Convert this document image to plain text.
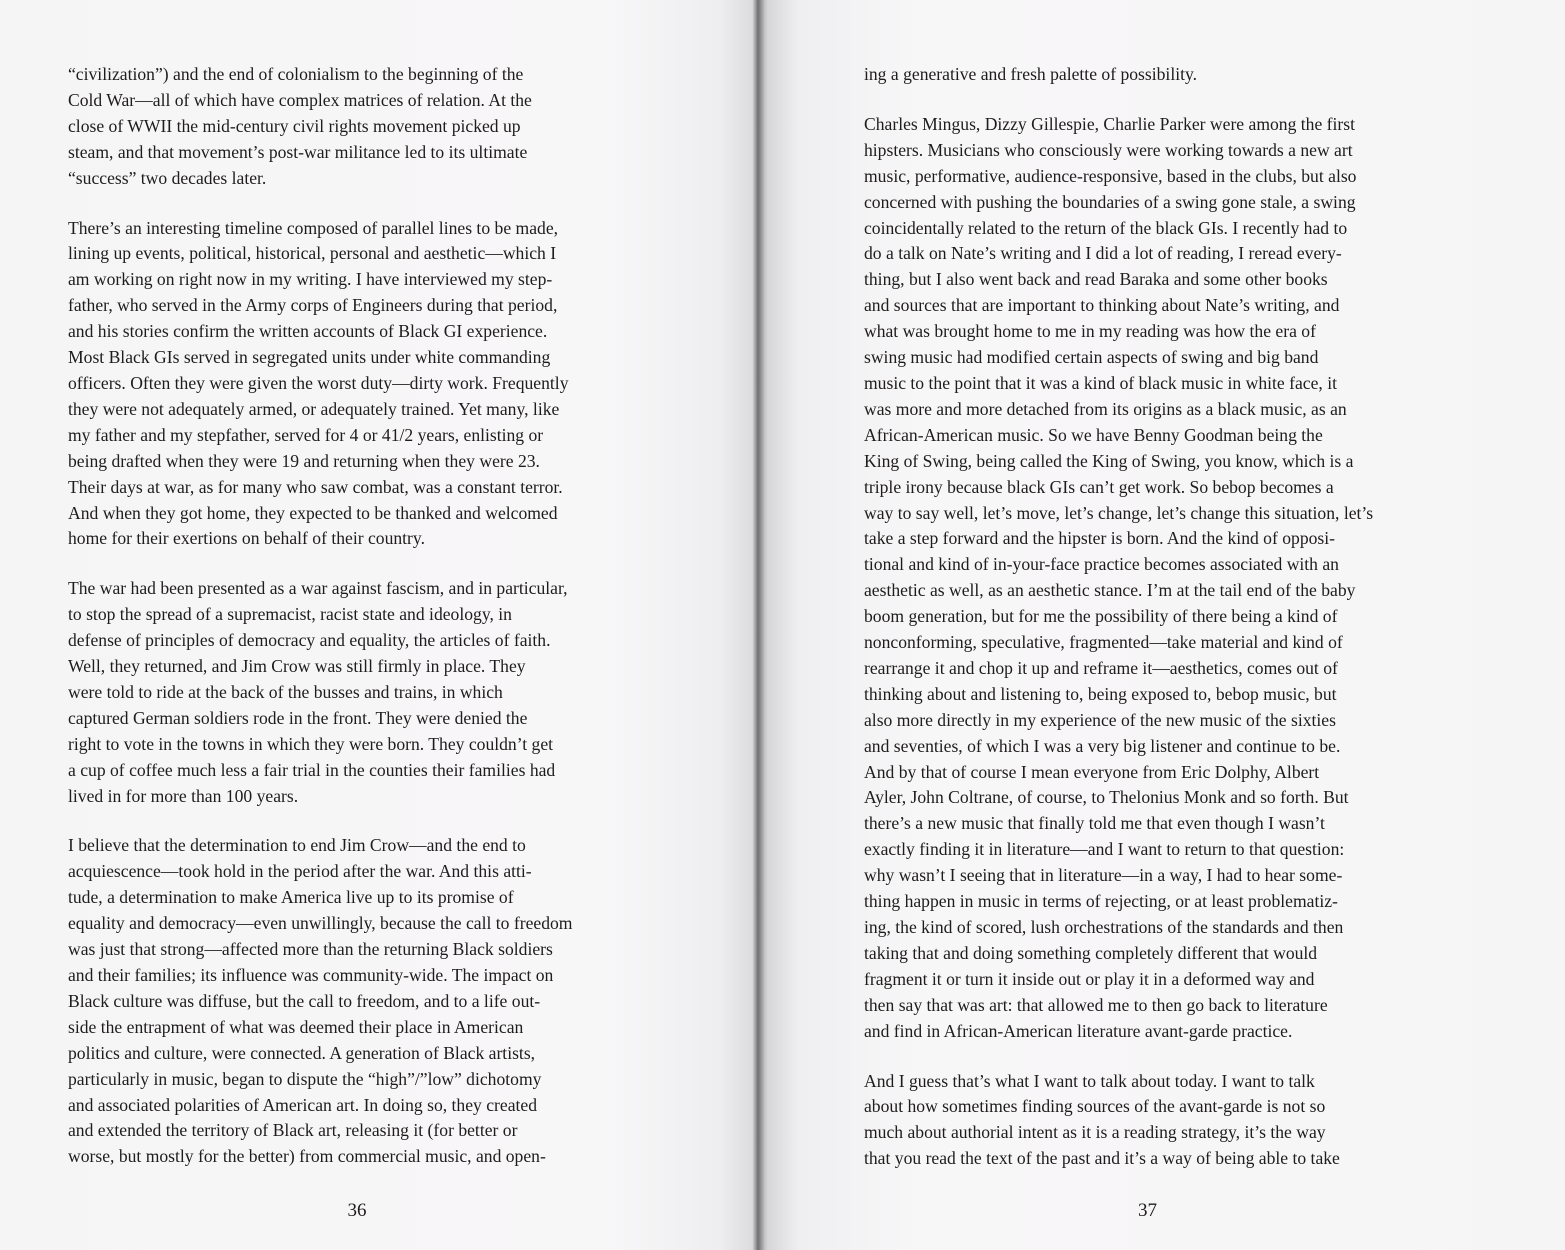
“civilization”) and the end of colonialism to the beginning of the
Cold War—all of which have complex matrices of relation. At the
close of WWII the mid-century civil rights movement picked up
steam, and that movement’s post-war militance led to its ultimate
“success” two decades later.

There’s an interesting timeline composed of parallel lines to be made,
lining up events, political, historical, personal and aesthetic—which I
am working on right now in my writing. I have interviewed my step-
father, who served in the Army corps of Engineers during that period,
and his stories confirm the written accounts of Black GI experience.
Most Black GIs served in segregated units under white commanding
officers. Often they were given the worst duty—dirty work. Frequently
they were not adequately armed, or adequately trained. Yet many, like
my father and my stepfather, served for 4 or 41/2 years, enlisting or
being drafted when they were 19 and returning when they were 23.
Their days at war, as for many who saw combat, was a constant terror.
And when they got home, they expected to be thanked and welcomed
home for their exertions on behalf of their country.

The war had been presented as a war against fascism, and in particular,
to stop the spread of a supremacist, racist state and ideology, in
defense of principles of democracy and equality, the articles of faith.
Well, they returned, and Jim Crow was still firmly in place. They
were told to ride at the back of the busses and trains, in which
captured German soldiers rode in the front. They were denied the
right to vote in the towns in which they were born. They couldn’t get
a cup of coffee much less a fair trial in the counties their families had
lived in for more than 100 years.

I believe that the determination to end Jim Crow—and the end to
acquiescence—took hold in the period after the war. And this atti-
tude, a determination to make America live up to its promise of
equality and democracy—even unwillingly, because the call to freedom
was just that strong—affected more than the returning Black soldiers
and their families; its influence was community-wide. The impact on
Black culture was diffuse, but the call to freedom, and to a life out-
side the entrapment of what was deemed their place in American
politics and culture, were connected. A generation of Black artists,
particularly in music, began to dispute the “high”/”low” dichotomy
and associated polarities of American art. In doing so, they created
and extended the territory of Black art, releasing it (for better or
worse, but mostly for the better) from commercial music, and open-

36

ing a generative and fresh palette of possibility.

Charles Mingus, Dizzy Gillespie, Charlie Parker were among the first
hipsters. Musicians who consciously were working towards a new art
music, performative, audience-responsive, based in the clubs, but also
concerned with pushing the boundaries of a swing gone stale, a swing
coincidentally related to the return of the black GIs. I recently had to
do a talk on Nate’s writing and I did a lot of reading, I reread every-
thing, but I also went back and read Baraka and some other books
and sources that are important to thinking about Nate’s writing, and
what was brought home to me in my reading was how the era of
swing music had modified certain aspects of swing and big band
music to the point that it was a kind of black music in white face, it
was more and more detached from its origins as a black music, as an
African-American music. So we have Benny Goodman being the
King of Swing, being called the King of Swing, you know, which is a
triple irony because black GIs can’t get work. So bebop becomes a
way to say well, let’s move, let’s change, let’s change this situation, let’s
take a step forward and the hipster is born. And the kind of opposi-
tional and kind of in-your-face practice becomes associated with an
aesthetic as well, as an aesthetic stance. I’m at the tail end of the baby
boom generation, but for me the possibility of there being a kind of
nonconforming, speculative, fragmented—take material and kind of
rearrange it and chop it up and reframe it—aesthetics, comes out of
thinking about and listening to, being exposed to, bebop music, but
also more directly in my experience of the new music of the sixties
and seventies, of which I was a very big listener and continue to be.
And by that of course I mean everyone from Eric Dolphy, Albert
Ayler, John Coltrane, of course, to Thelonius Monk and so forth. But
there’s a new music that finally told me that even though I wasn’t
exactly finding it in literature—and I want to return to that question:
why wasn’t I seeing that in literature—in a way, I had to hear some-
thing happen in music in terms of rejecting, or at least problematiz-
ing, the kind of scored, lush orchestrations of the standards and then
taking that and doing something completely different that would
fragment it or turn it inside out or play it in a deformed way and
then say that was art: that allowed me to then go back to literature
and find in African-American literature avant-garde practice.

And I guess that’s what I want to talk about today. I want to talk
about how sometimes finding sources of the avant-garde is not so
much about authorial intent as it is a reading strategy, it’s the way
that you read the text of the past and it’s a way of being able to take

37
